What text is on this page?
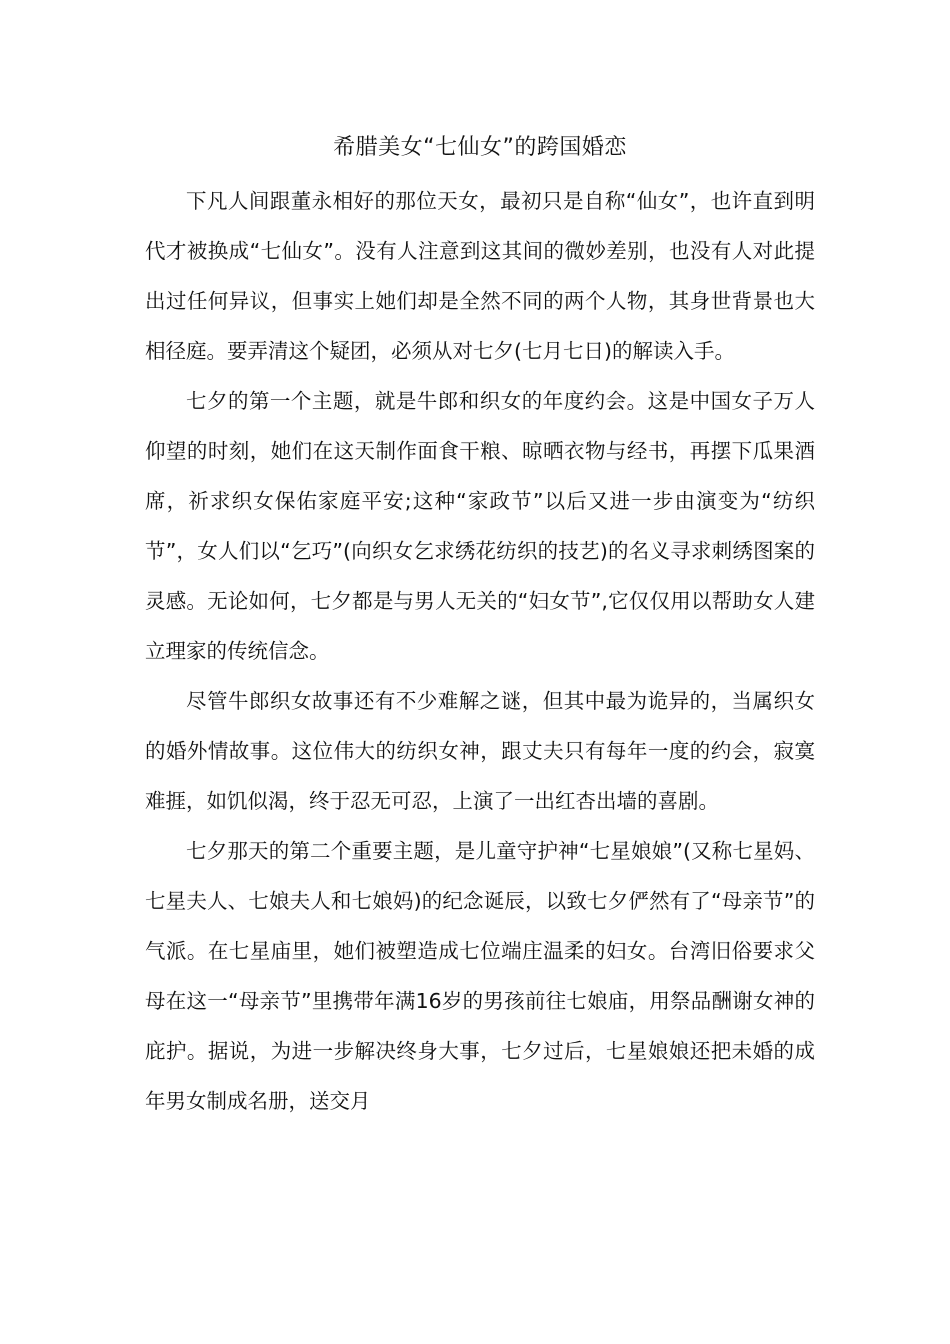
希腊美女“七仙女”的跨国婚恋

下凡人间跟董永相好的那位天女，最初只是自称“仙女”，也许直到明代才被换成“七仙女”。没有人注意到这其间的微妙差别，也没有人对此提出过任何异议，但事实上她们却是全然不同的两个人物，其身世背景也大相径庭。要弄清这个疑团，必须从对七夕(七月七日)的解读入手。

七夕的第一个主题，就是牛郎和织女的年度约会。这是中国女子万人仰望的时刻，她们在这天制作面食干粮、晾晒衣物与经书，再摆下瓜果酒席，祈求织女保佑家庭平安;这种“家政节”以后又进一步由演变为“纺织节”，女人们以“乞巧”(向织女乞求绣花纺织的技艺)的名义寻求刺绣图案的灵感。无论如何，七夕都是与男人无关的“妇女节”,它仅仅用以帮助女人建立理家的传统信念。

尽管牛郎织女故事还有不少难解之谜，但其中最为诡异的，当属织女的婚外情故事。这位伟大的纺织女神，跟丈夫只有每年一度的约会，寂寞难捱，如饥似渴，终于忍无可忍，上演了一出红杏出墙的喜剧。

七夕那天的第二个重要主题，是儿童守护神“七星娘娘”(又称七星妈、七星夫人、七娘夫人和七娘妈)的纪念诞辰，以致七夕俨然有了“母亲节”的气派。在七星庙里，她们被塑造成七位端庄温柔的妇女。台湾旧俗要求父母在这一“母亲节”里携带年满16岁的男孩前往七娘庙，用祭品酬谢女神的庇护。据说，为进一步解决终身大事，七夕过后，七星娘娘还把未婚的成年男女制成名册，送交月
